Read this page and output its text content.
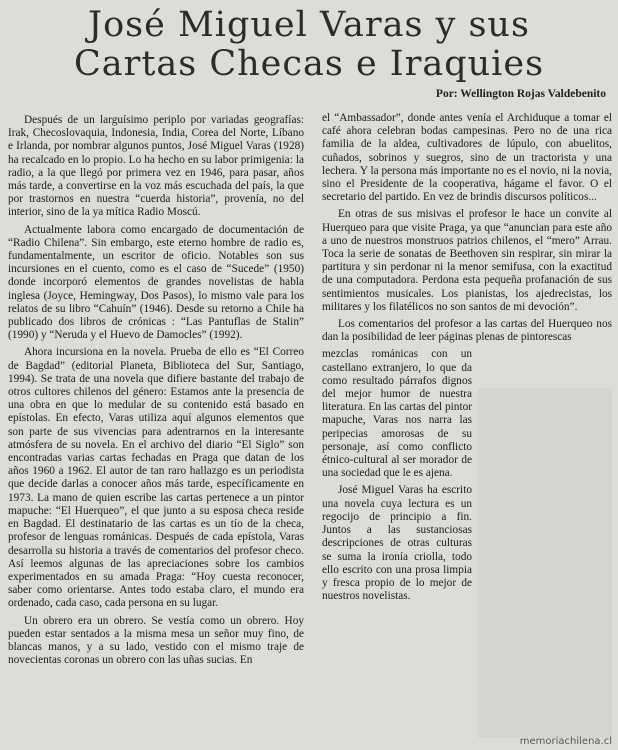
José Miguel Varas y sus
Cartas Checas e Iraquies
Por: Wellington Rojas Valdebenito

Después de un larguísimo periplo por variadas geografías: Irak, Checoslovaquia, Indonesia, India, Corea del Norte, Líbano e Irlanda, por nombrar algunos puntos, José Miguel Varas (1928) ha recalcado en lo propio. Lo ha hecho en su labor primigenia: la radio, a la que llegó por primera vez en 1946, para pasar, años más tarde, a convertirse en la voz más escuchada del país, la que por trastornos en nuestra “cuerda historia”, provenía, no del interior, sino de la ya mítica Radio Moscú.

Actualmente labora como encargado de documentación de “Radio Chilena”. Sin embargo, este eterno hombre de radio es, fundamentalmente, un escritor de oficio. Notables son sus incursiones en el cuento, como es el caso de “Sucede” (1950) donde incorporó elementos de grandes novelistas de habla inglesa (Joyce, Hemingway, Dos Pasos), lo mismo vale para los relatos de su libro “Cahuín” (1946). Desde su retorno a Chile ha publicado dos libros de crónicas : “Las Pantuflas de Stalin” (1990) y “Neruda y el Huevo de Damocles” (1992).

Ahora incursiona en la novela. Prueba de ello es “El Correo de Bagdad” (editorial Planeta, Biblioteca del Sur, Santiago, 1994). Se trata de una novela que difiere bastante del trabajo de otros cultores chilenos del género: Estamos ante la presencia de una obra en que lo medular de su contenido está basado en epístolas. En efecto, Varas utiliza aquí algunos elementos que son parte de sus vivencias para adentrarnos en la interesante atmósfera de su novela. En el archivo del diario “El Siglo” son encontradas varias cartas fechadas en Praga que datan de los años 1960 a 1962. El autor de tan raro hallazgo es un periodista que decide darlas a conocer años más tarde, específicamente en 1973. La mano de quien escribe las cartas pertenece a un pintor mapuche: “El Huerqueo”, el que junto a su esposa checa reside en Bagdad. El destinatario de las cartas es un tío de la checa, profesor de lenguas románicas. Después de cada epístola, Varas desarrolla su historia a través de comentarios del profesor checo. Así leemos algunas de las apreciaciones sobre los cambios experimentados en su amada Praga: “Hoy cuesta reconocer, saber como orientarse. Antes todo estaba claro, el mundo era ordenado, cada caso, cada persona en su lugar.

Un obrero era un obrero. Se vestía como un obrero. Hoy pueden estar sentados a la misma mesa un señor muy fino, de blancas manos, y a su lado, vestido con el mismo traje de novecientas coronas un obrero con las uñas sucias. En

el “Ambassador”, donde antes venía el Archiduque a tomar el café ahora celebran bodas campesinas. Pero no de una rica familia de la aldea, cultivadores de lúpulo, con abuelitos, cuñados, sobrinos y suegros, sino de un tractorista y una lechera. Y la persona más importante no es el novio, ni la novia, sino el Presidente de la cooperativa, hágame el favor. O el secretario del partido. En vez de brindis discursos políticos...

En otras de sus misivas el profesor le hace un convite al Huerqueo para que visite Praga, ya que “anuncian para este año a uno de nuestros monstruos patrios chilenos, el “mero” Arrau. Toca la serie de sonatas de Beethoven sin respirar, sin mirar la partitura y sin perdonar ni la menor semifusa, con la exactitud de una computadora. Perdona esta pequeña profanación de sus sentimientos musicales. Los pianistas, los ajedrecistas, los militares y los filatélicos no son santos de mi devoción”.

Los comentarios del profesor a las cartas del Huerqueo nos dan la posibilidad de leer páginas plenas de pintorescas

mezclas románicas con un castellano extranjero, lo que da como resultado párrafos dignos del mejor humor de nuestra literatura. En las cartas del pintor mapuche, Varas nos narra las peripecias amorosas de su personaje, así como conflicto étnico-cultural al ser morador de una sociedad que le es ajena.

José Miguel Varas ha escrito una novela cuya lectura es un regocijo de principio a fin. Juntos a las sustanciosas descripciones de otras culturas se suma la ironía criolla, todo ello escrito con una prosa limpia y fresca propio de lo mejor de nuestros novelistas.

memoriachilena.cl
